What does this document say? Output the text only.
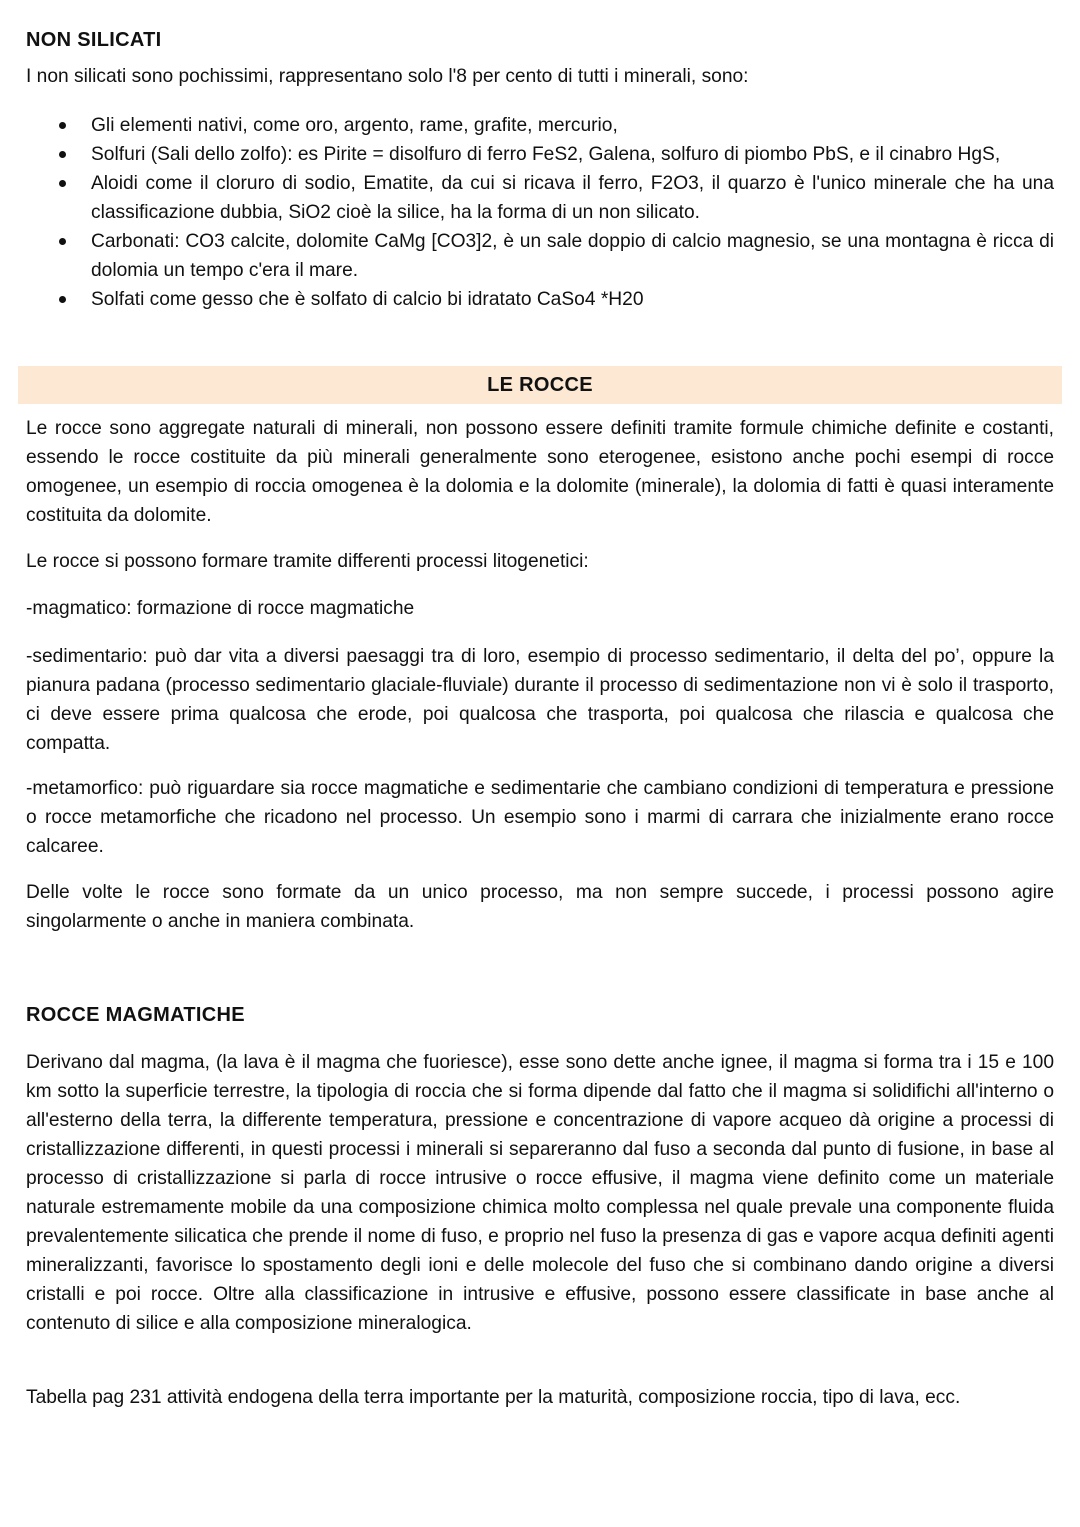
NON SILICATI

I non silicati sono pochissimi, rappresentano solo l'8 per cento di tutti i minerali, sono:

Gli elementi nativi, come oro, argento, rame, grafite, mercurio,
Solfuri (Sali dello zolfo): es Pirite = disolfuro di ferro FeS2, Galena, solfuro di piombo PbS, e il cinabro HgS,
Aloidi come il cloruro di sodio, Ematite, da cui si ricava il ferro, F2O3, il quarzo è l'unico minerale che ha una classificazione dubbia, SiO2 cioè la silice, ha la forma di un non silicato.
Carbonati: CO3 calcite, dolomite CaMg [CO3]2, è un sale doppio di calcio magnesio, se una montagna è ricca di dolomia un tempo c'era il mare.
Solfati come gesso che è solfato di calcio bi idratato CaSo4 *H20
LE ROCCE

Le rocce sono aggregate naturali di minerali, non possono essere definiti tramite formule chimiche definite e costanti, essendo le rocce costituite da più minerali generalmente sono eterogenee, esistono anche pochi esempi di rocce omogenee, un esempio di roccia omogenea è la dolomia e la dolomite (minerale), la dolomia di fatti è quasi interamente costituita da dolomite.

Le rocce si possono formare tramite differenti processi litogenetici:

-magmatico: formazione di rocce magmatiche

-sedimentario: può dar vita a diversi paesaggi tra di loro, esempio di processo sedimentario, il delta del po’, oppure la pianura padana (processo sedimentario glaciale-fluviale) durante il processo di sedimentazione non vi è solo il trasporto, ci deve essere prima qualcosa che erode, poi qualcosa che trasporta, poi qualcosa che rilascia e qualcosa che compatta.

-metamorfico: può riguardare sia rocce magmatiche e sedimentarie che cambiano condizioni di temperatura e pressione o rocce metamorfiche che ricadono nel processo. Un esempio sono i marmi di carrara che inizialmente erano rocce calcaree.

Delle volte le rocce sono formate da un unico processo, ma non sempre succede, i processi possono agire singolarmente o anche in maniera combinata.

ROCCE MAGMATICHE

Derivano dal magma, (la lava è il magma che fuoriesce), esse sono dette anche ignee, il magma si forma tra i 15 e 100 km sotto la superficie terrestre, la tipologia di roccia che si forma dipende dal fatto che il magma si solidifichi all'interno o all'esterno della terra, la differente temperatura, pressione e concentrazione di vapore acqueo dà origine a processi di cristallizzazione differenti, in questi processi i minerali si separeranno dal fuso a seconda dal punto di fusione, in base al processo di cristallizzazione si parla di rocce intrusive o rocce effusive, il magma viene definito come un materiale naturale estremamente mobile da una composizione chimica molto complessa nel quale prevale una componente fluida prevalentemente silicatica che prende il nome di fuso, e proprio nel fuso la presenza di gas e vapore acqua definiti agenti mineralizzanti, favorisce lo spostamento degli ioni e delle molecole del fuso che si combinano dando origine a diversi cristalli e poi rocce. Oltre alla classificazione in intrusive e effusive, possono essere classificate in base anche al contenuto di silice e alla composizione mineralogica.

Tabella pag 231 attività endogena della terra importante per la maturità, composizione roccia, tipo di lava, ecc.
